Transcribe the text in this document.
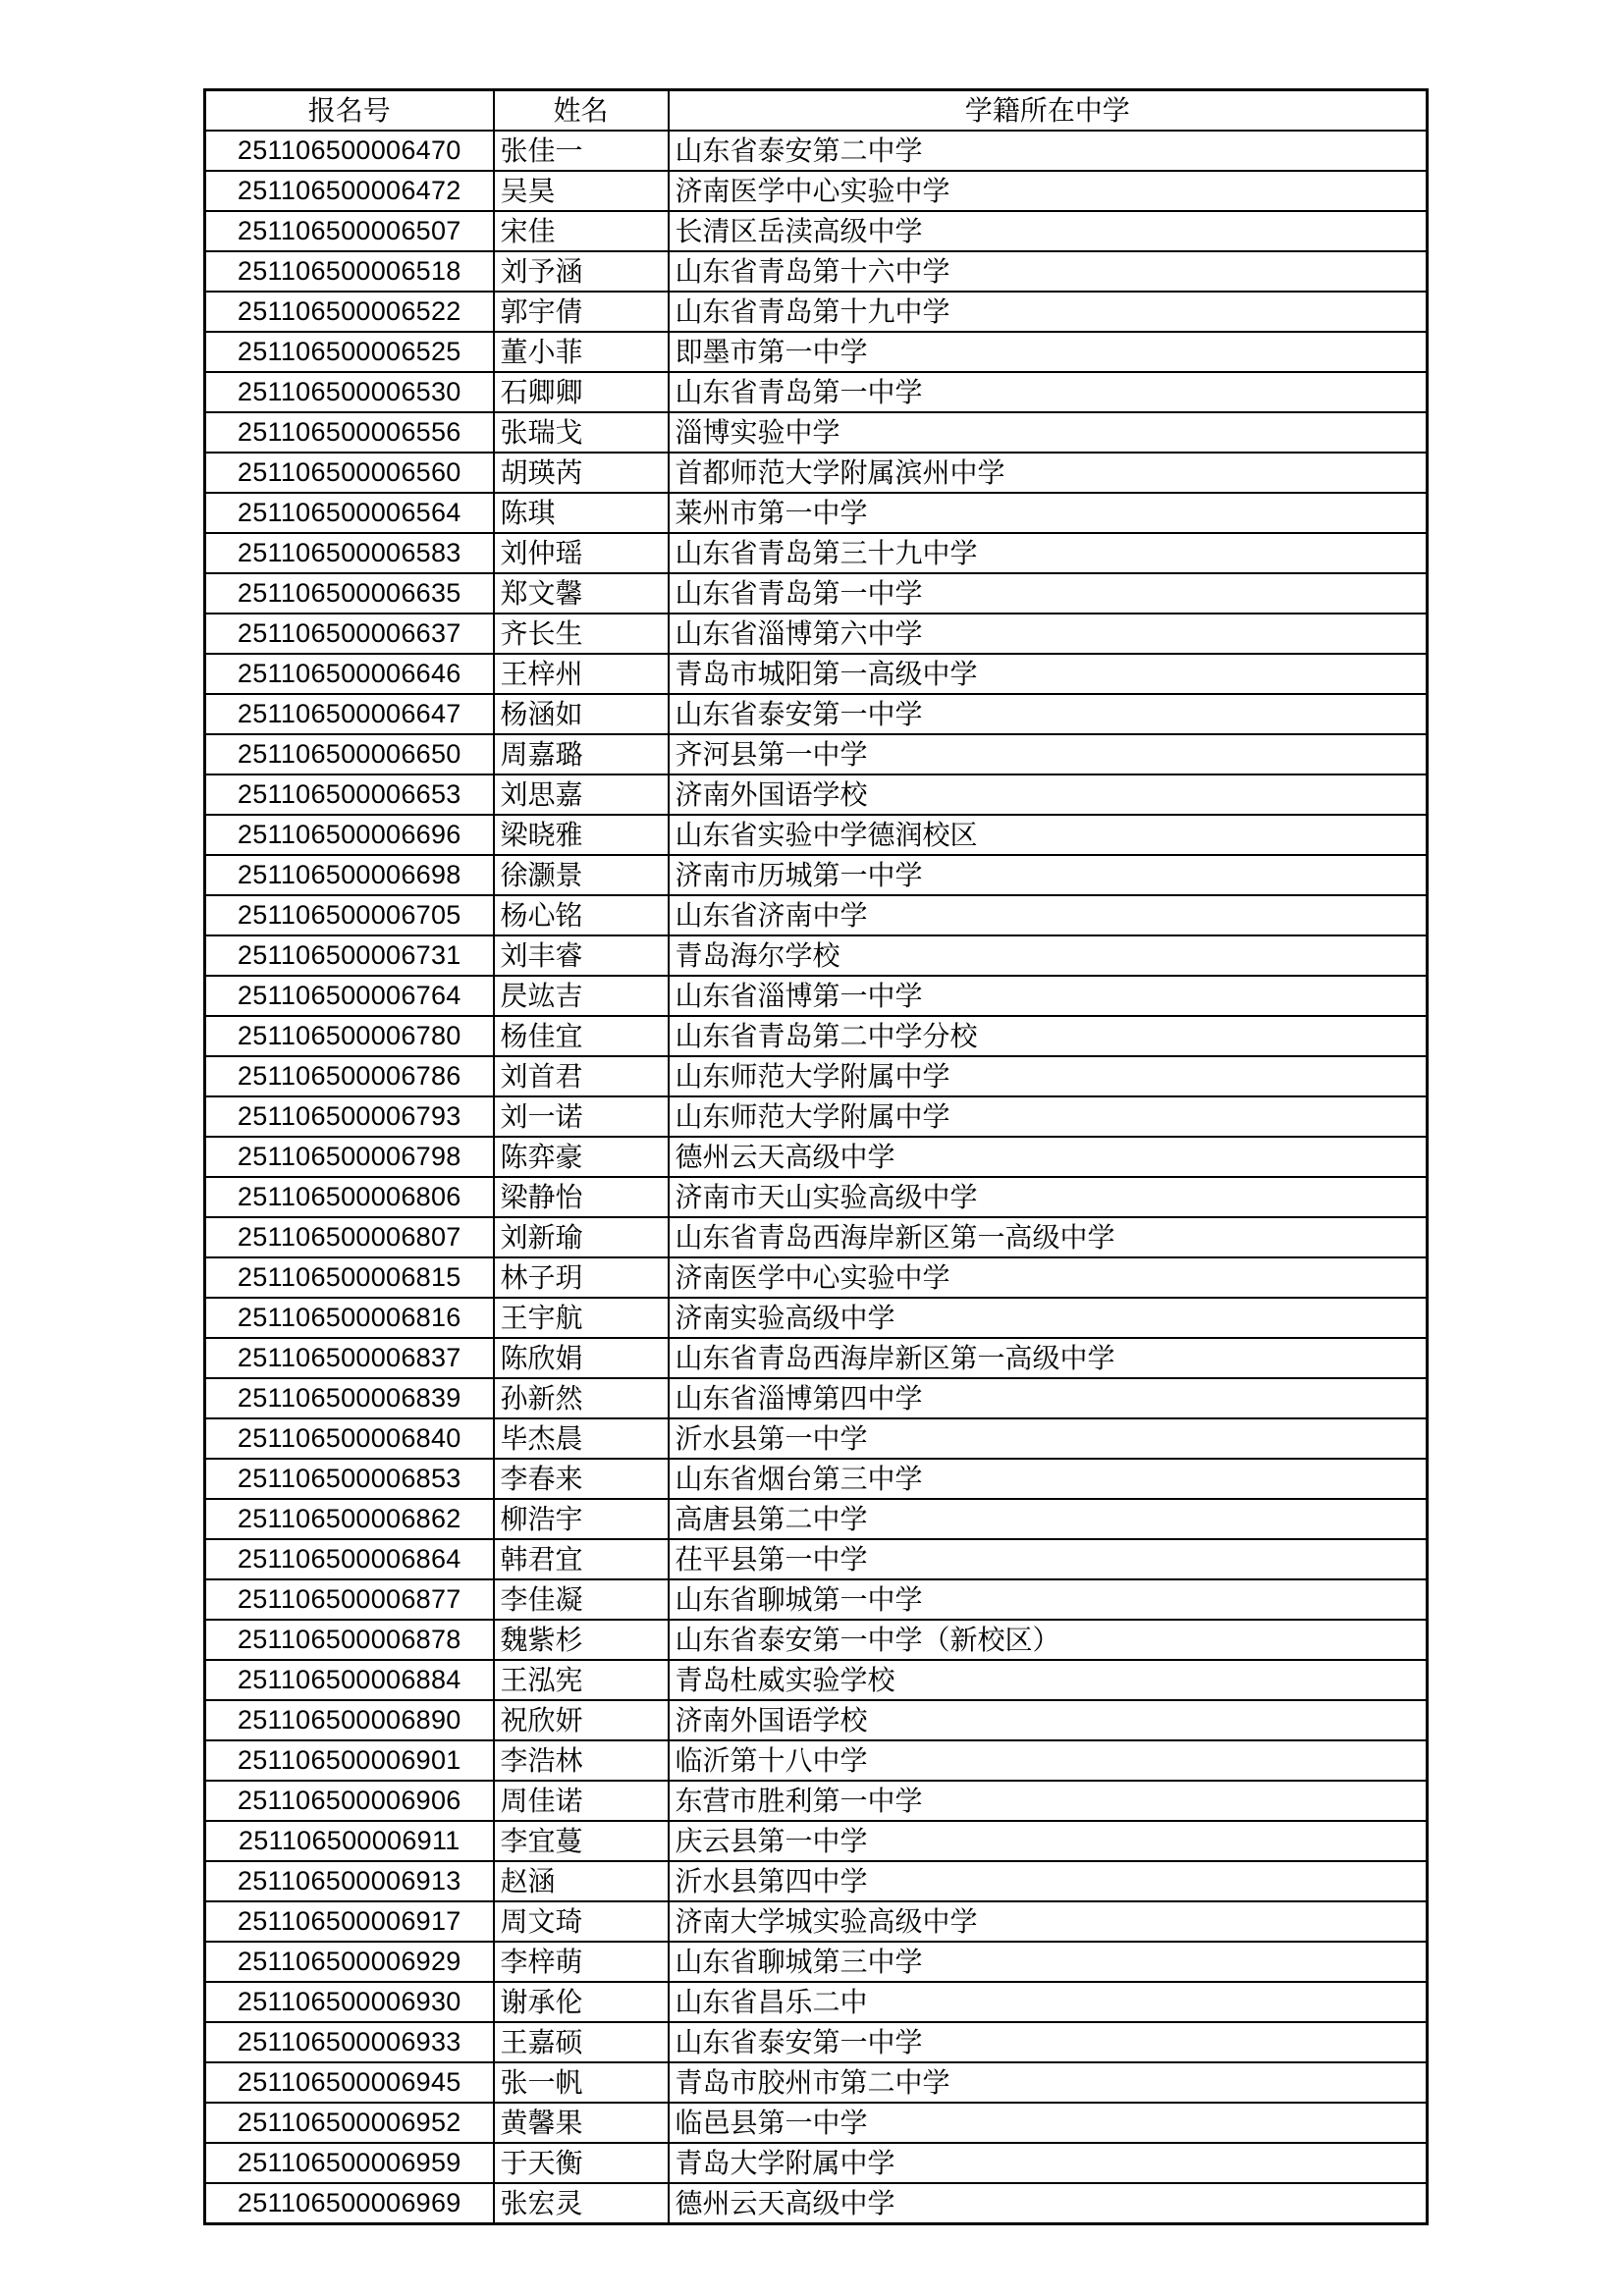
报名号	姓名	学籍所在中学
251106500006470	张佳一	山东省泰安第二中学
251106500006472	吴昊	济南医学中心实验中学
251106500006507	宋佳	长清区岳渎高级中学
251106500006518	刘予涵	山东省青岛第十六中学
251106500006522	郭宇倩	山东省青岛第十九中学
251106500006525	董小菲	即墨市第一中学
251106500006530	石卿卿	山东省青岛第一中学
251106500006556	张瑞戈	淄博实验中学
251106500006560	胡瑛芮	首都师范大学附属滨州中学
251106500006564	陈琪	莱州市第一中学
251106500006583	刘仲瑶	山东省青岛第三十九中学
251106500006635	郑文馨	山东省青岛第一中学
251106500006637	齐长生	山东省淄博第六中学
251106500006646	王梓州	青岛市城阳第一高级中学
251106500006647	杨涵如	山东省泰安第一中学
251106500006650	周嘉璐	齐河县第一中学
251106500006653	刘思嘉	济南外国语学校
251106500006696	梁晓雅	山东省实验中学德润校区
251106500006698	徐灏景	济南市历城第一中学
251106500006705	杨心铭	山东省济南中学
251106500006731	刘丰睿	青岛海尔学校
251106500006764	昃竑吉	山东省淄博第一中学
251106500006780	杨佳宜	山东省青岛第二中学分校
251106500006786	刘首君	山东师范大学附属中学
251106500006793	刘一诺	山东师范大学附属中学
251106500006798	陈弈豪	德州云天高级中学
251106500006806	梁静怡	济南市天山实验高级中学
251106500006807	刘新瑜	山东省青岛西海岸新区第一高级中学
251106500006815	林子玥	济南医学中心实验中学
251106500006816	王宇航	济南实验高级中学
251106500006837	陈欣娟	山东省青岛西海岸新区第一高级中学
251106500006839	孙新然	山东省淄博第四中学
251106500006840	毕杰晨	沂水县第一中学
251106500006853	李春来	山东省烟台第三中学
251106500006862	柳浩宇	高唐县第二中学
251106500006864	韩君宜	茌平县第一中学
251106500006877	李佳凝	山东省聊城第一中学
251106500006878	魏紫杉	山东省泰安第一中学（新校区）
251106500006884	王泓宪	青岛杜威实验学校
251106500006890	祝欣妍	济南外国语学校
251106500006901	李浩林	临沂第十八中学
251106500006906	周佳诺	东营市胜利第一中学
251106500006911	李宜蔓	庆云县第一中学
251106500006913	赵涵	沂水县第四中学
251106500006917	周文琦	济南大学城实验高级中学
251106500006929	李梓萌	山东省聊城第三中学
251106500006930	谢承伦	山东省昌乐二中
251106500006933	王嘉硕	山东省泰安第一中学
251106500006945	张一帆	青岛市胶州市第二中学
251106500006952	黄馨果	临邑县第一中学
251106500006959	于天衡	青岛大学附属中学
251106500006969	张宏灵	德州云天高级中学
